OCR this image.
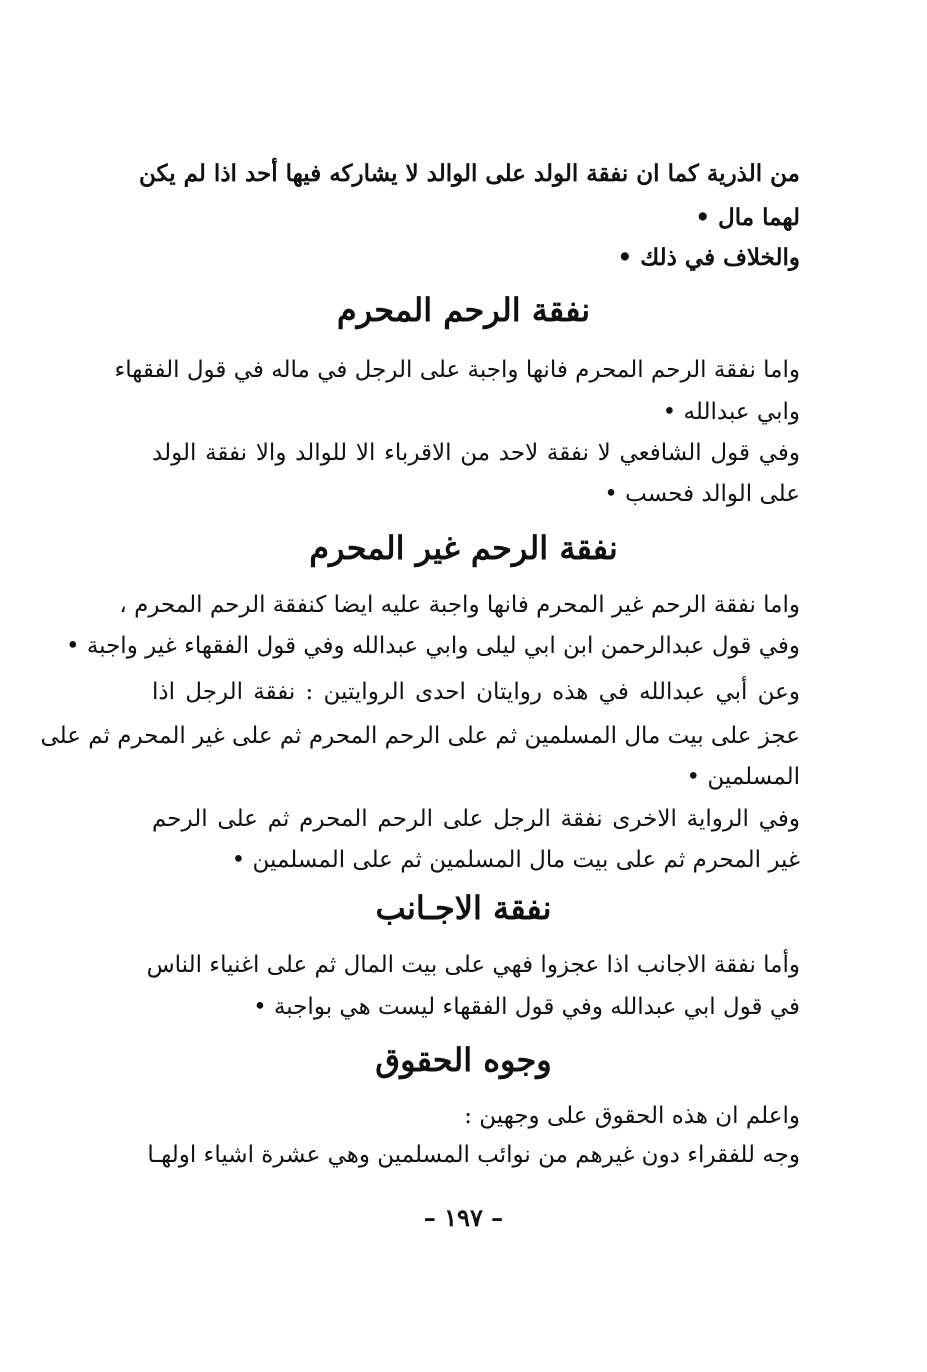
من الذرية كما ان نفقة الولد على الوالد لا يشاركه فيها أحد اذا لم يكن
لهما مال •
والخلاف في ذلك •
نفقة الرحم المحرم
واما نفقة الرحم المحرم فانها واجبة على الرجل في ماله في قول الفقهاء
وابي عبدالله •
وفي قول الشافعي لا نفقة لاحد من الاقرباء الا للوالد والا نفقة الولد
على الوالد فحسب •
نفقة الرحم غير المحرم
واما نفقة الرحم غير المحرم فانها واجبة عليه ايضا كنفقة الرحم المحرم ،
وفي قول عبدالرحمن ابن ابي ليلى وابي عبدالله وفي قول الفقهاء غير واجبة •
وعن أبي عبدالله في هذه روايتان احدى الروايتين : نفقة الرجل اذا
عجز على بيت مال المسلمين ثم على الرحم المحرم ثم على غير المحرم ثم على
المسلمين •
وفي الرواية الاخرى نفقة الرجل على الرحم المحرم ثم على الرحم
غير المحرم ثم على بيت مال المسلمين ثم على المسلمين •
نفقة الاجـانب
وأما نفقة الاجانب اذا عجزوا فهي على بيت المال ثم على اغنياء الناس
في قول ابي عبدالله وفي قول الفقهاء ليست هي بواجبة •
وجوه الحقوق
واعلم ان هذه الحقوق على وجهين :
وجه للفقراء دون غيرهم من نوائب المسلمين وهي عشرة اشياء اولهـا
– ١٩٧ –
